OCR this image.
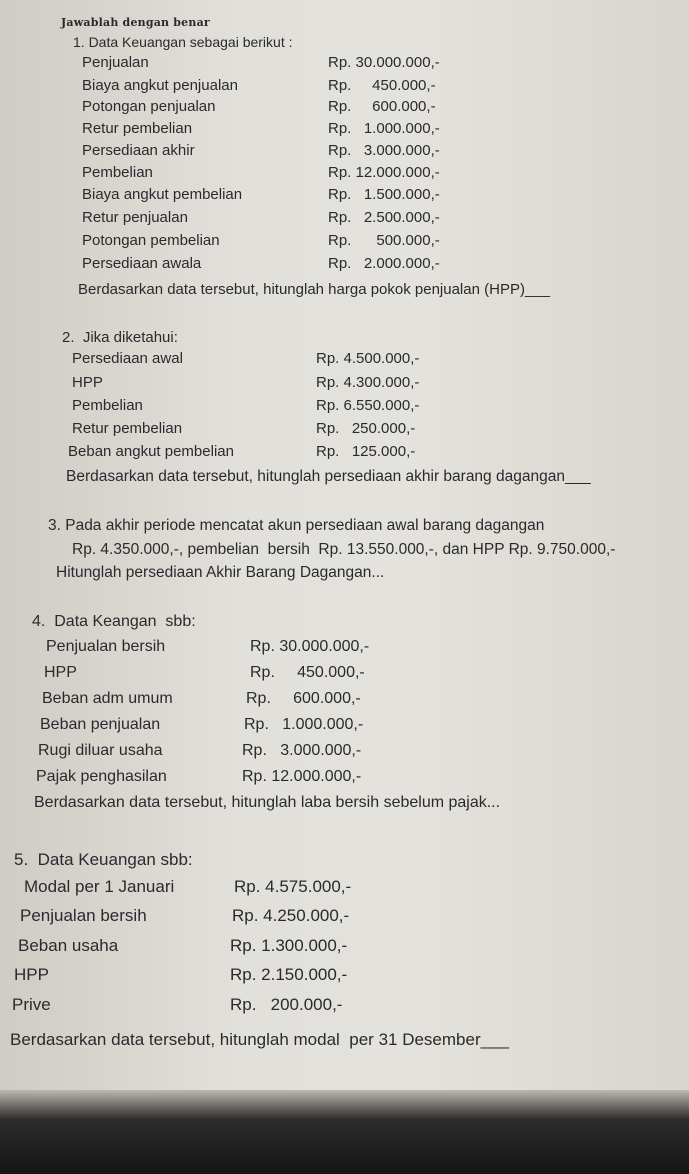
Jawablah dengan benar
1. Data Keuangan sebagai berikut :
Penjualan	Rp. 30.000.000,-
Biaya angkut penjualan	Rp.     450.000,-
Potongan penjualan	Rp.     600.000,-
Retur pembelian	Rp.   1.000.000,-
Persediaan akhir	Rp.   3.000.000,-
Pembelian	Rp. 12.000.000,-
Biaya angkut pembelian	Rp.   1.500.000,-
Retur penjualan	Rp.   2.500.000,-
Potongan pembelian	Rp.      500.000,-
Persediaan awala	Rp.   2.000.000,-
Berdasarkan data tersebut, hitunglah harga pokok penjualan (HPP)___
2.  Jika diketahui:
Persediaan awal	Rp. 4.500.000,-
HPP	Rp. 4.300.000,-
Pembelian	Rp. 6.550.000,-
Retur pembelian	Rp.   250.000,-
Beban angkut pembelian	Rp.   125.000,-
Berdasarkan data tersebut, hitunglah persediaan akhir barang dagangan___
3. Pada akhir periode mencatat akun persediaan awal barang dagangan
Rp. 4.350.000,-, pembelian  bersih  Rp. 13.550.000,-, dan HPP Rp. 9.750.000,-
Hitunglah persediaan Akhir Barang Dagangan...
4.  Data Keangan  sbb:
Penjualan bersih	Rp. 30.000.000,-
HPP	Rp.     450.000,-
Beban adm umum	Rp.     600.000,-
Beban penjualan	Rp.   1.000.000,-
Rugi diluar usaha	Rp.   3.000.000,-
Pajak penghasilan	Rp. 12.000.000,-
Berdasarkan data tersebut, hitunglah laba bersih sebelum pajak...
5.  Data Keuangan sbb:
Modal per 1 Januari	Rp. 4.575.000,-
Penjualan bersih	Rp. 4.250.000,-
Beban usaha	Rp. 1.300.000,-
HPP	Rp. 2.150.000,-
Prive	Rp.   200.000,-
Berdasarkan data tersebut, hitunglah modal  per 31 Desember___
